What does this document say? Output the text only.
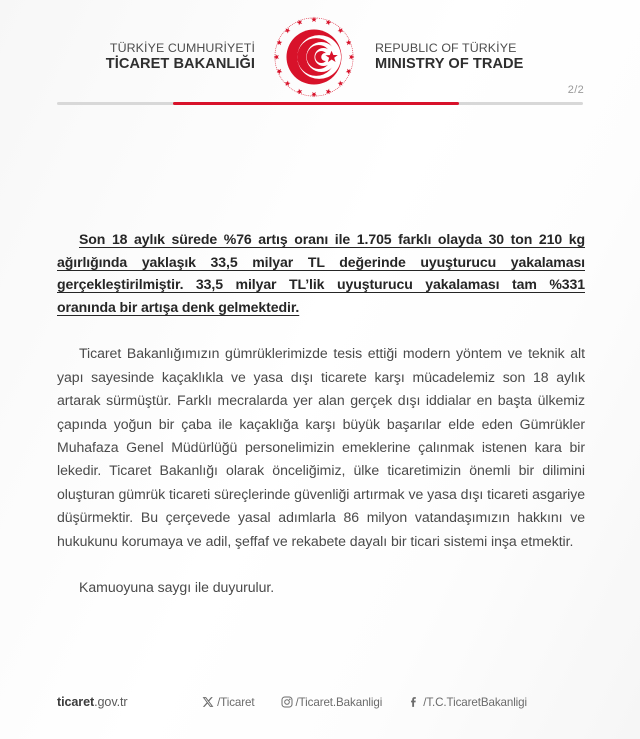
TÜRKİYE CUMHURİYETİ
TİCARET BAKANLIĞI
REPUBLIC OF TÜRKİYE
MINISTRY OF TRADE
2/2

Son 18 aylık sürede %76 artış oranı ile 1.705 farklı olayda 30 ton 210 kg ağırlığında yaklaşık 33,5 milyar TL değerinde uyuşturucu yakalaması gerçekleştirilmiştir. 33,5 milyar TL’lik uyuşturucu yakalaması tam %331 oranında bir artışa denk gelmektedir.

Ticaret Bakanlığımızın gümrüklerimizde tesis ettiği modern yöntem ve teknik alt yapı sayesinde kaçaklıkla ve yasa dışı ticarete karşı mücadelemiz son 18 aylık artarak sürmüştür. Farklı mecralarda yer alan gerçek dışı iddialar en başta ülkemiz çapında yoğun bir çaba ile kaçaklığa karşı büyük başarılar elde eden Gümrükler Muhafaza Genel Müdürlüğü personelimizin emeklerine çalınmak istenen kara bir lekedir. Ticaret Bakanlığı olarak önceliğimiz, ülke ticaretimizin önemli bir dilimini oluşturan gümrük ticareti süreçlerinde güvenliği artırmak ve yasa dışı ticareti asgariye düşürmektir. Bu çerçevede yasal adımlarla 86 milyon vatandaşımızın hakkını ve hukukunu korumaya ve adil, şeffaf ve rekabete dayalı bir ticari sistemi inşa etmektir.

Kamuoyuna saygı ile duyurulur.

ticaret.gov.tr	/Ticaret	/Ticaret.Bakanligi	/T.C.TicaretBakanligi
